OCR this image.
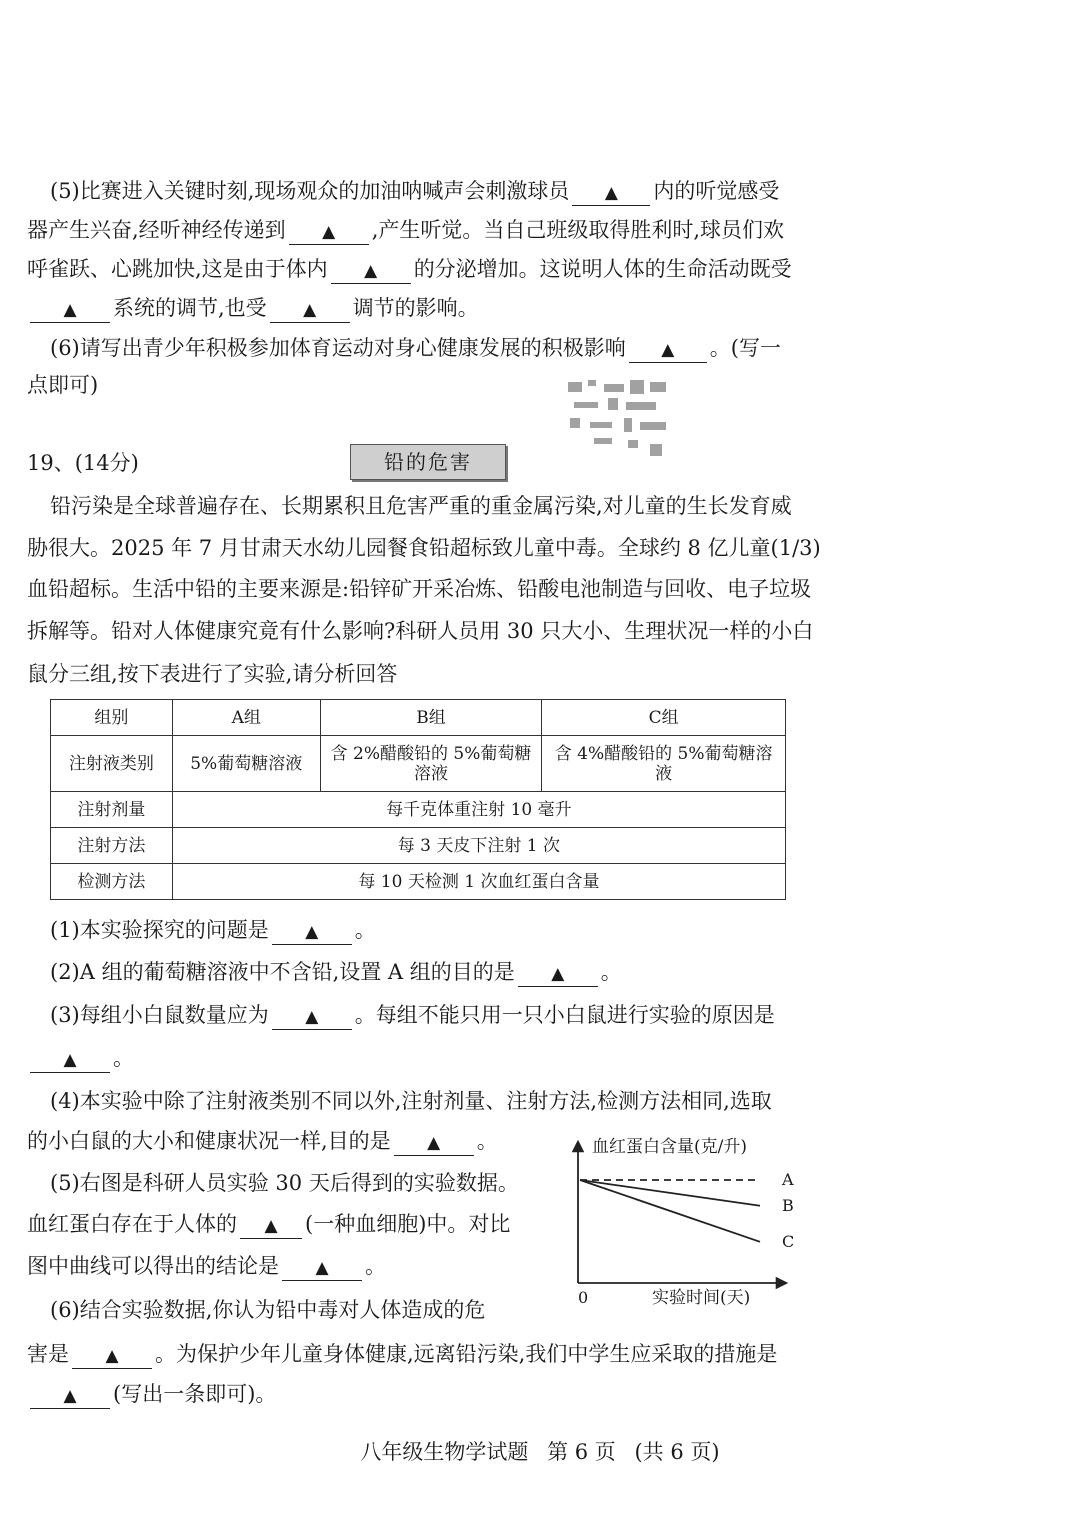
(5)比赛进入关键时刻,现场观众的加油呐喊声会刺激球员 ▲ 内的听觉感受
器产生兴奋,经听神经传递到 ▲ ,产生听觉。当自己班级取得胜利时,球员们欢
呼雀跃、心跳加快,这是由于体内 ▲ 的分泌增加。这说明人体的生命活动既受
▲ 系统的调节,也受 ▲ 调节的影响。
(6)请写出青少年积极参加体育运动对身心健康发展的积极影响 ▲ 。(写一
点即可)
19、(14分)	铅的危害
铅污染是全球普遍存在、长期累积且危害严重的重金属污染,对儿童的生长发育威
胁很大。2025 年 7 月甘肃天水幼儿园餐食铅超标致儿童中毒。全球约 8 亿儿童(1/3)
血铅超标。生活中铅的主要来源是:铅锌矿开采冶炼、铅酸电池制造与回收、电子垃圾
拆解等。铅对人体健康究竟有什么影响?科研人员用 30 只大小、生理状况一样的小白
鼠分三组,按下表进行了实验,请分析回答
组别	A组	B组	C组
注射液类别	5%葡萄糖溶液	含 2%醋酸铅的 5%葡萄糖溶液	含 4%醋酸铅的 5%葡萄糖溶液
注射剂量	每千克体重注射 10 毫升		
注射方法	每 3 天皮下注射 1 次		
检测方法	每 10 天检测 1 次血红蛋白含量		
(1)本实验探究的问题是 ▲ 。
(2)A 组的葡萄糖溶液中不含铅,设置 A 组的目的是 ▲ 。
(3)每组小白鼠数量应为 ▲ 。每组不能只用一只小白鼠进行实验的原因是
▲ 。
(4)本实验中除了注射液类别不同以外,注射剂量、注射方法,检测方法相同,选取
的小白鼠的大小和健康状况一样,目的是 ▲ 。
(5)右图是科研人员实验 30 天后得到的实验数据。
血红蛋白存在于人体的 ▲ (一种血细胞)中。对比
图中曲线可以得出的结论是 ▲ 。
(6)结合实验数据,你认为铅中毒对人体造成的危
害是 ▲ 。为保护少年儿童身体健康,远离铅污染,我们中学生应采取的措施是
▲ (写出一条即可)。
血红蛋白含量(克/升)
实验时间(天)
0
A
B
C
八年级生物学试题 第 6 页 (共 6 页)
